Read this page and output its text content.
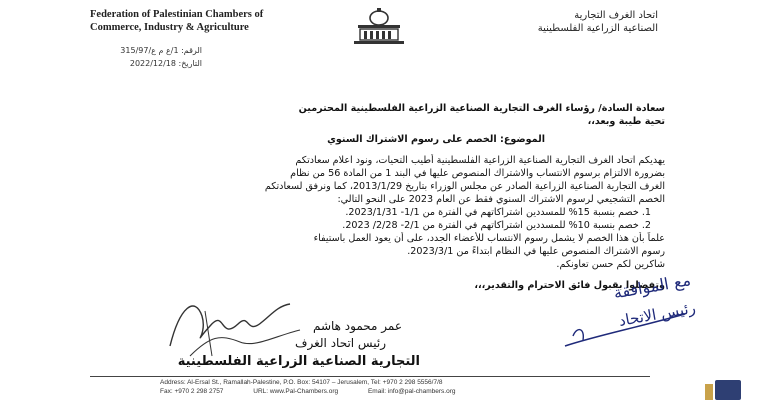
Federation of Palestinian Chambers of
Commerce, Industry & Agriculture
اتحاد الغرف التجارية
الصناعية الزراعية الفلسطينية
الرقم: 1/ع م ع/315/97
التاريخ: 2022/12/18
سعادة السادة/ رؤساء الغرف التجارية الصناعية الزراعية الفلسطينية المحترمين
تحية طيبة وبعد،،
الموضوع: الخصم على رسوم الاشتراك السنوي
يهديكم اتحاد الغرف التجارية الصناعية الزراعية الفلسطينية أطيب التحيات، ونود اعلام سعادتكم
بضرورة الالتزام برسوم الانتساب والاشتراك المنصوص عليها في البند 1 من المادة 56 من نظام
الغرف التجارية الصناعية الزراعية الصادر عن مجلس الوزراء بتاريخ 2013/1/29، كما ونرفق لسعادتكم
الخصم التشجيعي لرسوم الاشتراك السنوي فقط عن العام 2023 على النحو التالي:
1. خصم بنسبة 15% للمسددين اشتراكاتهم في الفترة من 1/1- 2023/1/31.
2. خصم بنسبة 10% للمسددين اشتراكاتهم في الفترة من 2/1- 2/28/ 2023.
علماً بأن هذا الخصم لا يشمل رسوم الانتساب للأعضاء الجدد، على أن يعود العمل باستيفاء
رسوم الاشتراك المنصوص عليها في النظام ابتداءً من 2023/3/1.
شاكرين لكم حسن تعاونكم.
وتفضلوا بقبول فائق الاحترام والتقدير،،،
عمر محمود هاشم
رئيس اتحاد الغرف
التجارية الصناعية الزراعية الفلسطينية
مع الموافقة
رئيس الاتحاد
Address: Al-Ersal St., Ramallah-Palestine, P.O. Box: 54107 – Jerusalem, Tel: +970 2 298 5556/7/8
Fax: +970 2 298 2757	URL: www.Pal-Chambers.org	Email: info@pal-chambers.org
